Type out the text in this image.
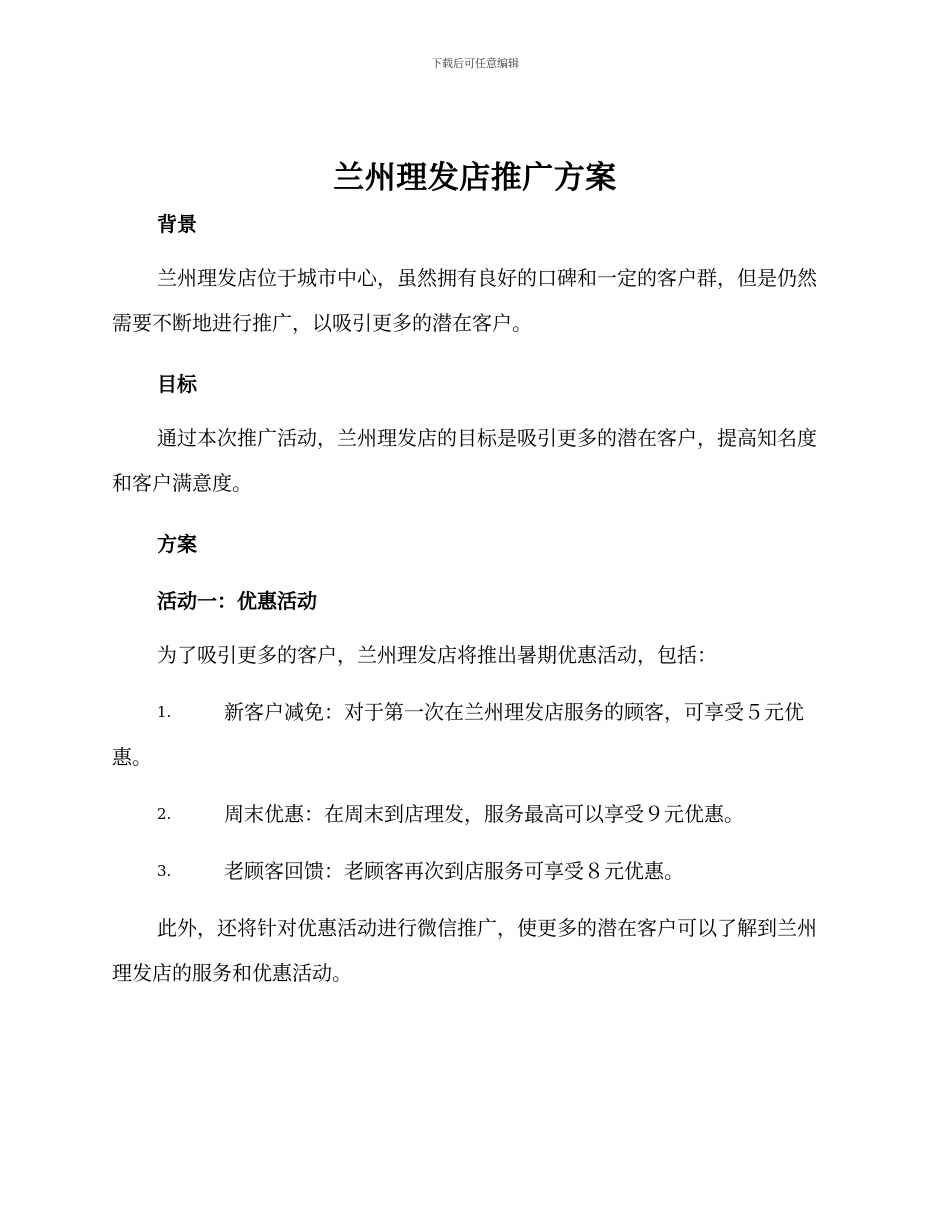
下载后可任意编辑
兰州理发店推广方案
背景

兰州理发店位于城市中心，虽然拥有良好的口碑和一定的客户群，但是仍然需要不断地进行推广，以吸引更多的潜在客户。

目标

通过本次推广活动，兰州理发店的目标是吸引更多的潜在客户，提高知名度和客户满意度。

方案
活动一：优惠活动

为了吸引更多的客户，兰州理发店将推出暑期优惠活动，包括：

1.	新客户减免：对于第一次在兰州理发店服务的顾客，可享受５元优惠。
2.	周末优惠：在周末到店理发，服务最高可以享受９元优惠。
3.	老顾客回馈：老顾客再次到店服务可享受８元优惠。

此外，还将针对优惠活动进行微信推广，使更多的潜在客户可以了解到兰州理发店的服务和优惠活动。
